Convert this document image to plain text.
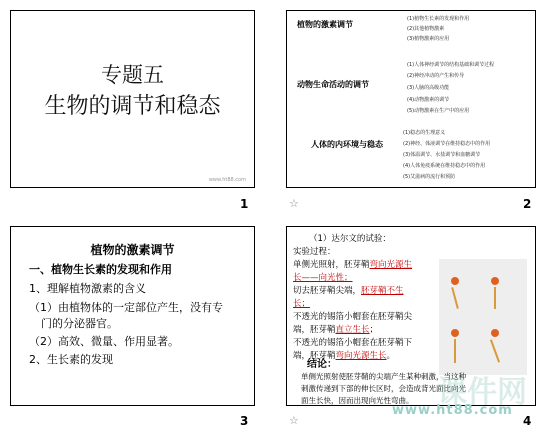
专题五
生物的调节和稳态
www.ht88.com
1
植物的激素调节
(1)植物生长素的发现和作用
(2)其他植物激素
(3)植物激素的应用
动物生命活动的调节
(1)人体神经调节的结构基础和调节过程
(2)神经冲动的产生和传导
(3)人脑的高级功能
(4)动物激素的调节
(5)动物激素在生产中的应用
人体的内环境与稳态
(1)稳态的生理意义
(2)神经、体液调节在维持稳态中的作用
(3)体温调节、水盐调节和血糖调节
(4)人体免疫系统在维持稳态中的作用
(5)艾滋病的流行和预防
☆	2
植物的激素调节
一、植物生长素的发现和作用
1、理解植物激素的含义
（1）由植物体的一定部位产生，没有专
门的分泌器官。
（2）高效、微量、作用显著。
2、生长素的发现
3
（1）达尔文的试验：
实验过程：
单侧光照射，胚芽鞘弯向光源生
长——向光性；
切去胚芽鞘尖端，胚芽鞘不生
长；
不透光的锡箔小帽套在胚芽鞘尖
端，胚芽鞘直立生长；
不透光的锡箔小帽套在胚芽鞘下
端，胚芽鞘弯向光源生长。
结论：
单侧光照射使胚芽鞘的尖端产生某种刺激，当这种
刺激传递到下部的伸长区时，会造成背光面比向光
面生长快，因而出现向光性弯曲。 课件网
☆
www.ht88.com
4
